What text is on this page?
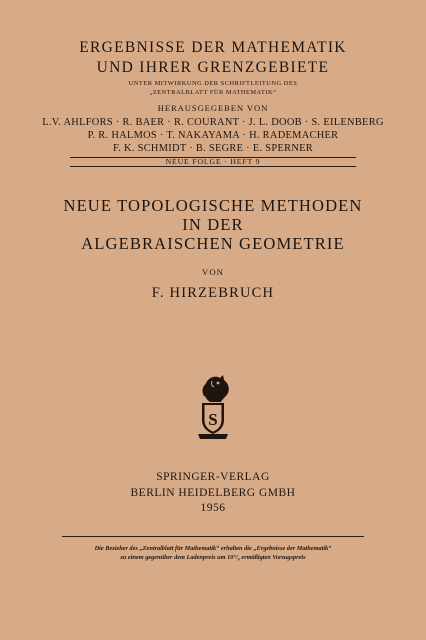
ERGEBNISSE DER MATHEMATIK
UND IHRER GRENZGEBIETE
UNTER MITWIRKUNG DER SCHRIFTLEITUNG DES
„ZENTRALBLATT FÜR MATHEMATIK“
HERAUSGEGEBEN VON
L.V. AHLFORS · R. BAER · R. COURANT · J. L. DOOB · S. EILENBERG
P. R. HALMOS · T. NAKAYAMA · H. RADEMACHER
F. K. SCHMIDT · B. SEGRE · E. SPERNER
NEUE FOLGE · HEFT 9
NEUE TOPOLOGISCHE METHODEN
IN DER
ALGEBRAISCHEN GEOMETRIE
VON
F. HIRZEBRUCH
S
SPRINGER-VERLAG
BERLIN HEIDELBERG GMBH
1956
Die Bezieher des „Zentralblatt für Mathematik“ erhalten die „Ergebnisse der Mathematik“
zu einem gegenüber dem Ladenpreis um 10°/₀ ermäßigten Vorzugspreis
